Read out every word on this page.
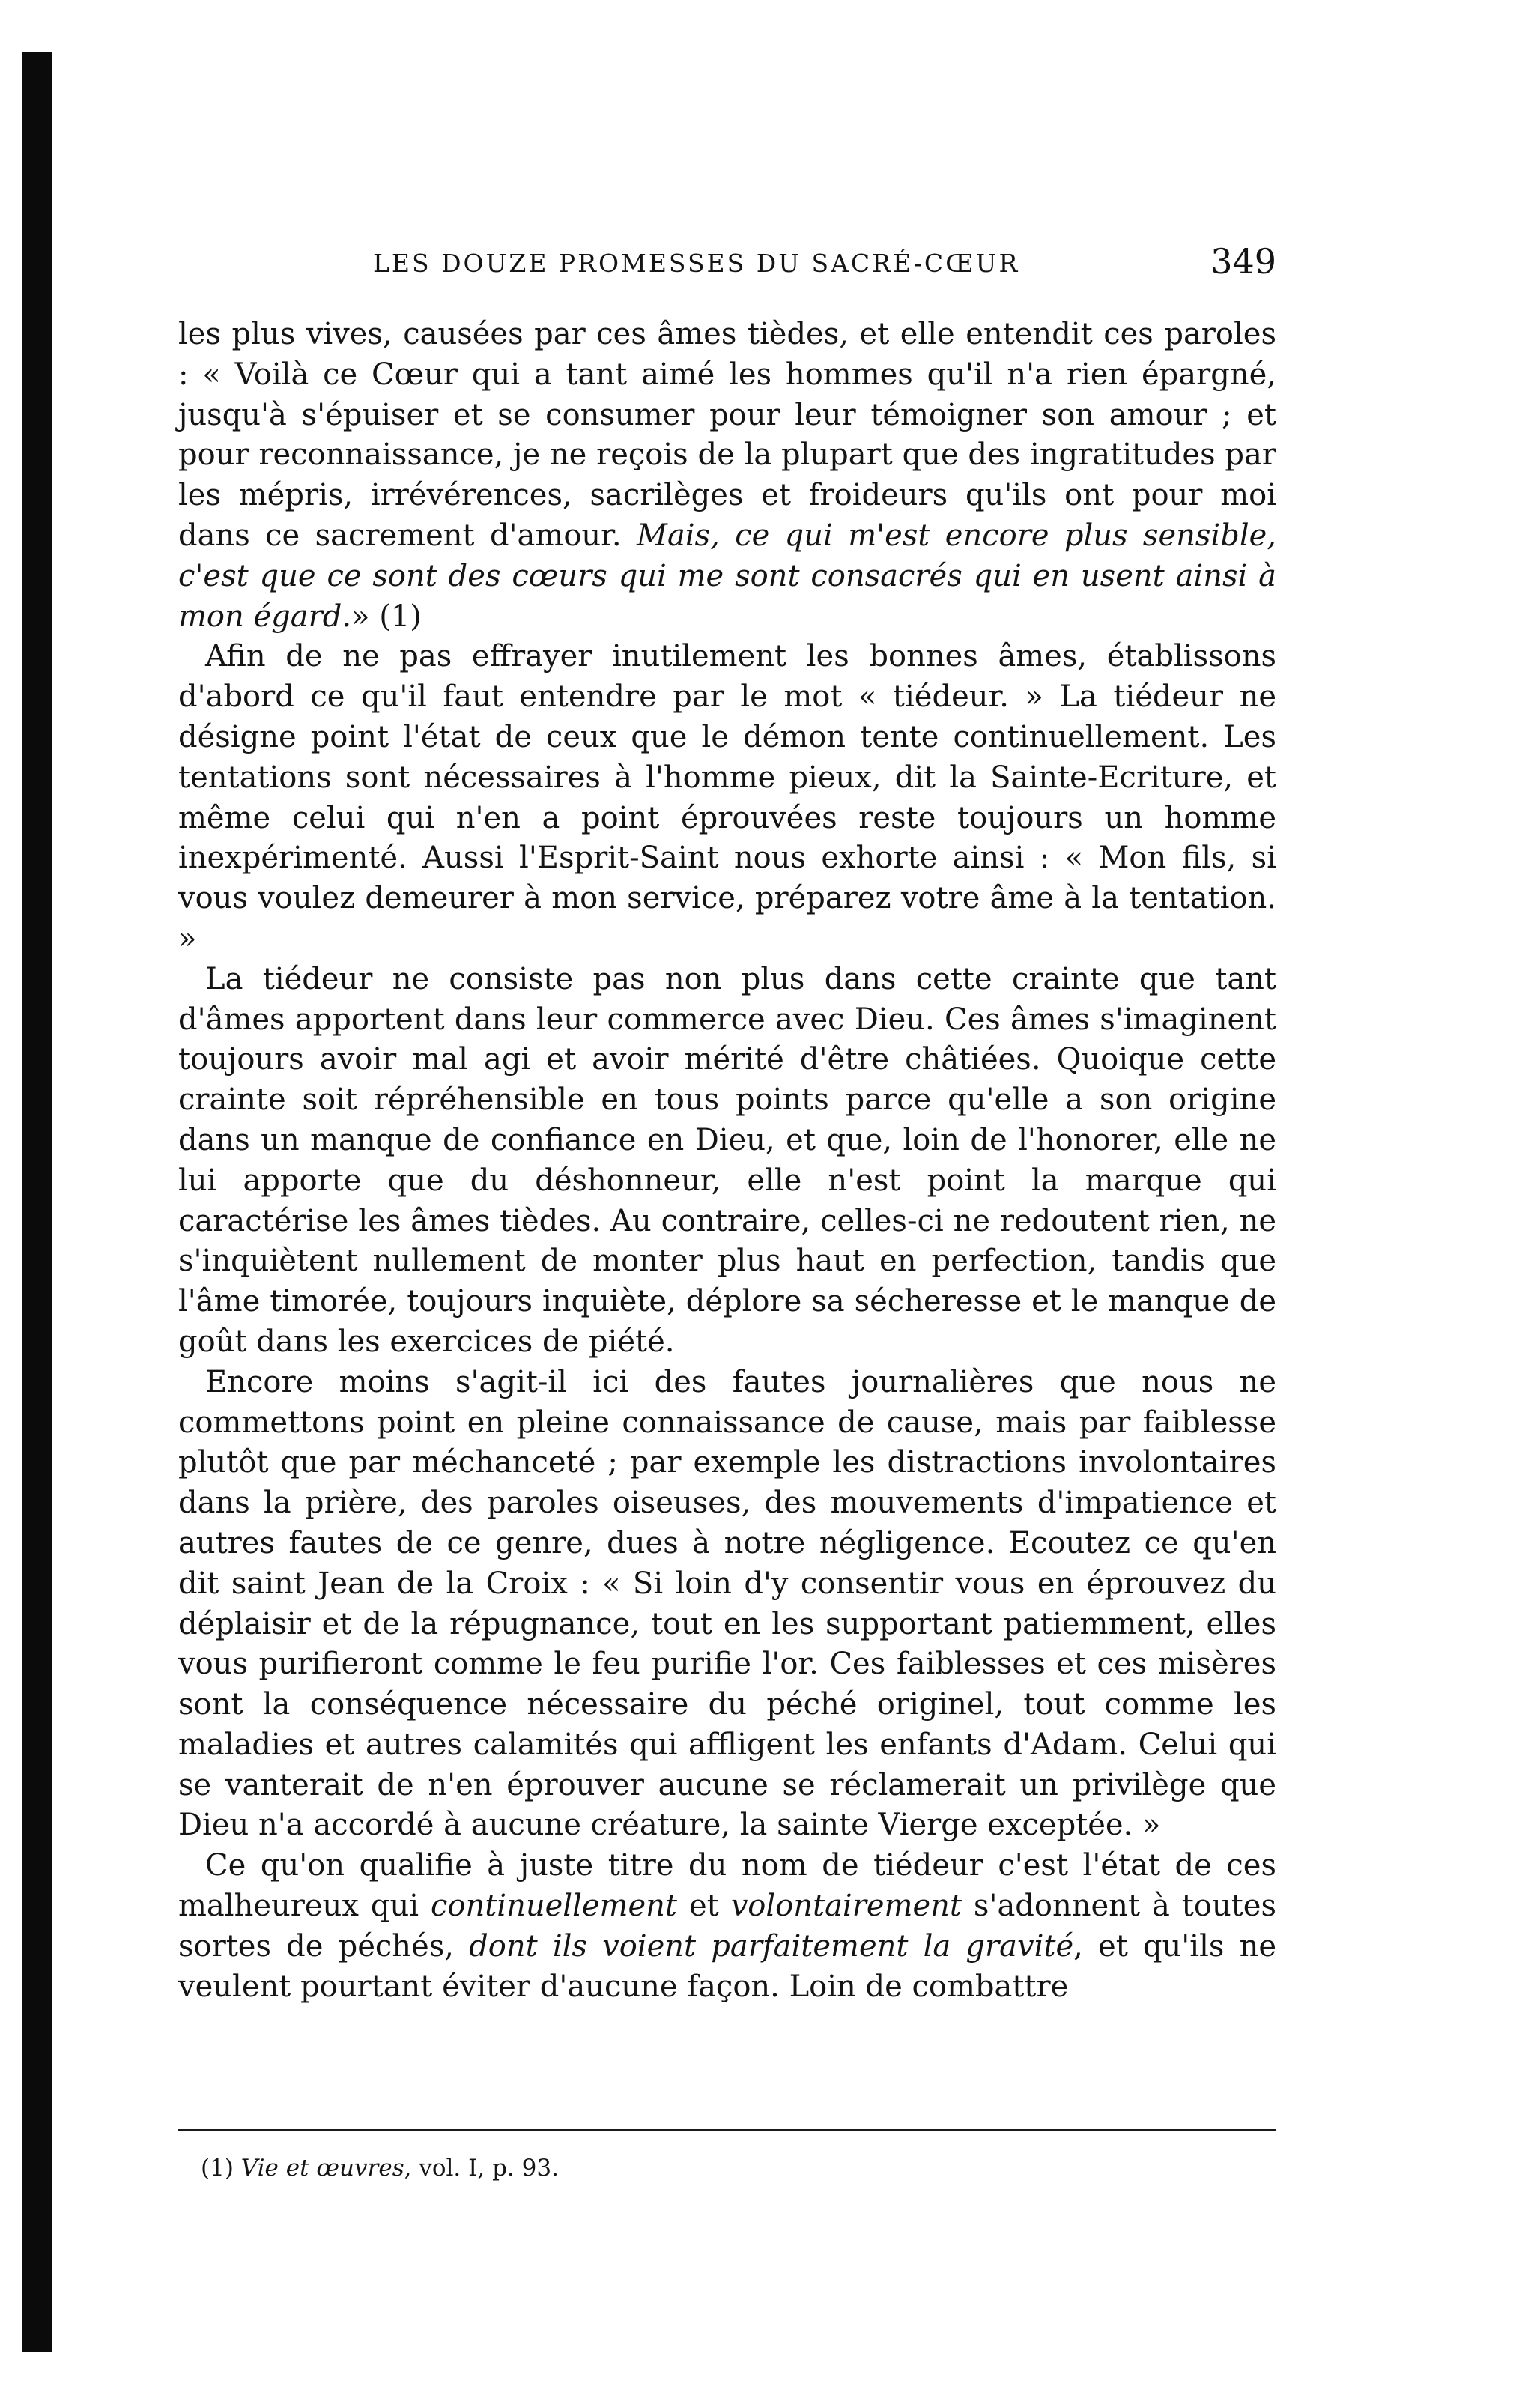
LES DOUZE PROMESSES DU SACRÉ-CŒUR	349

les plus vives, causées par ces âmes tièdes, et elle entendit ces paroles : « Voilà ce Cœur qui a tant aimé les hommes qu'il n'a rien épargné, jusqu'à s'épuiser et se consumer pour leur témoigner son amour ; et pour reconnaissance, je ne reçois de la plupart que des ingratitudes par les mépris, irrévérences, sacrilèges et froideurs qu'ils ont pour moi dans ce sacrement d'amour. Mais, ce qui m'est encore plus sensible, c'est que ce sont des cœurs qui me sont consacrés qui en usent ainsi à mon égard.» (1)

Afin de ne pas effrayer inutilement les bonnes âmes, établissons d'abord ce qu'il faut entendre par le mot « tiédeur. » La tiédeur ne désigne point l'état de ceux que le démon tente continuellement. Les tentations sont nécessaires à l'homme pieux, dit la Sainte-Ecriture, et même celui qui n'en a point éprouvées reste toujours un homme inexpérimenté. Aussi l'Esprit-Saint nous exhorte ainsi : « Mon fils, si vous voulez demeurer à mon service, préparez votre âme à la tentation. »

La tiédeur ne consiste pas non plus dans cette crainte que tant d'âmes apportent dans leur commerce avec Dieu. Ces âmes s'imaginent toujours avoir mal agi et avoir mérité d'être châtiées. Quoique cette crainte soit répréhensible en tous points parce qu'elle a son origine dans un manque de confiance en Dieu, et que, loin de l'honorer, elle ne lui apporte que du déshonneur, elle n'est point la marque qui caractérise les âmes tièdes. Au contraire, celles-ci ne redoutent rien, ne s'inquiètent nullement de monter plus haut en perfection, tandis que l'âme timorée, toujours inquiète, déplore sa sécheresse et le manque de goût dans les exercices de piété.

Encore moins s'agit-il ici des fautes journalières que nous ne commettons point en pleine connaissance de cause, mais par faiblesse plutôt que par méchanceté ; par exemple les distractions involontaires dans la prière, des paroles oiseuses, des mouvements d'impatience et autres fautes de ce genre, dues à notre négligence. Ecoutez ce qu'en dit saint Jean de la Croix : « Si loin d'y consentir vous en éprouvez du déplaisir et de la répugnance, tout en les supportant patiemment, elles vous purifieront comme le feu purifie l'or. Ces faiblesses et ces misères sont la conséquence nécessaire du péché originel, tout comme les maladies et autres calamités qui affligent les enfants d'Adam. Celui qui se vanterait de n'en éprouver aucune se réclamerait un privilège que Dieu n'a accordé à aucune créature, la sainte Vierge exceptée. »

Ce qu'on qualifie à juste titre du nom de tiédeur c'est l'état de ces malheureux qui continuellement et volontairement s'adonnent à toutes sortes de péchés, dont ils voient parfaitement la gravité, et qu'ils ne veulent pourtant éviter d'aucune façon. Loin de combattre

(1) Vie et œuvres, vol. I, p. 93.
